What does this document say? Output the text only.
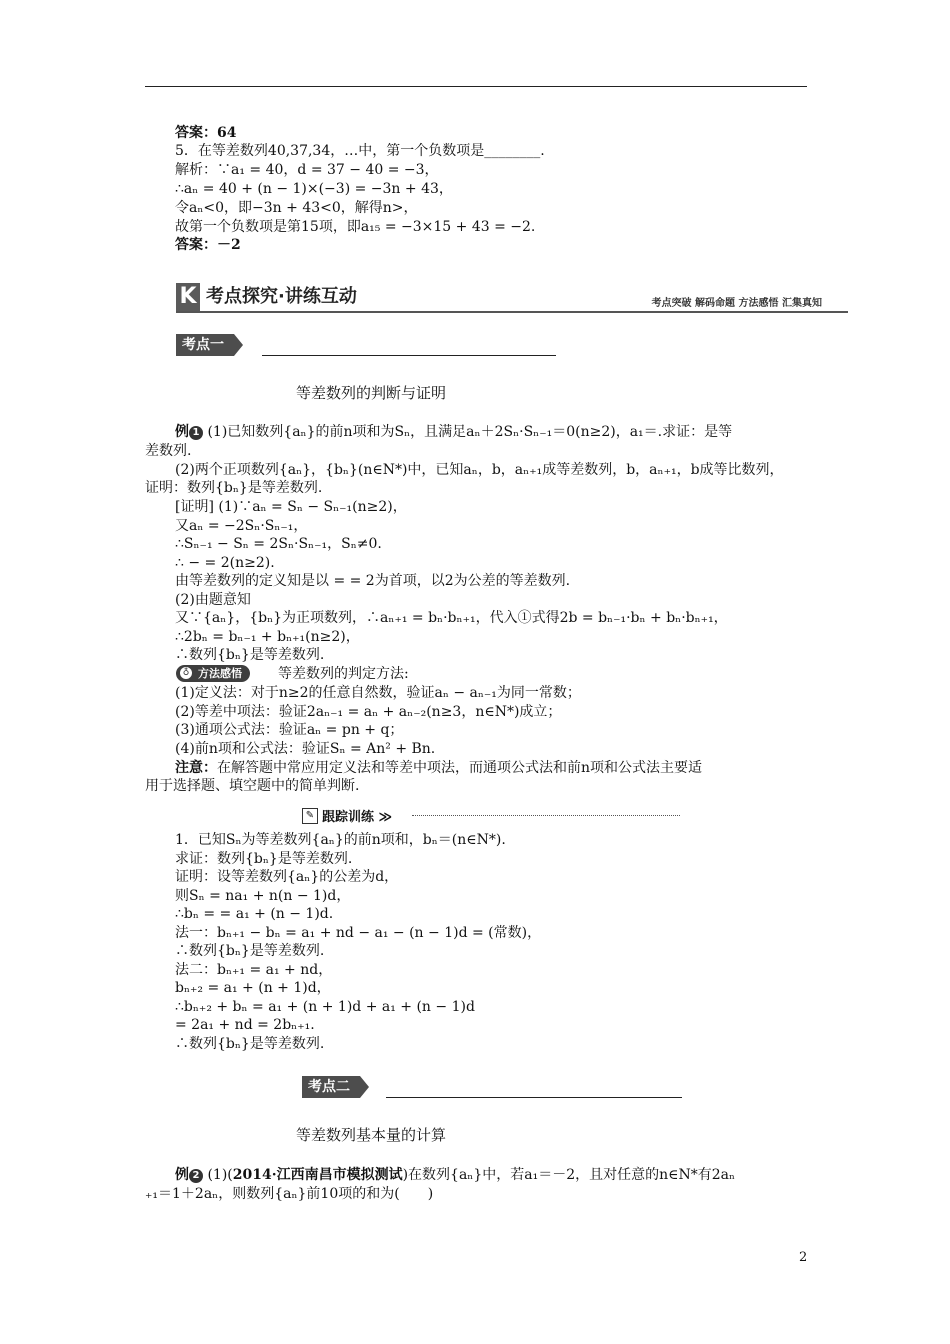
答案：64
5．在等差数列40,37,34，…中，第一个负数项是________.
解析：∵a₁ = 40，d = 37 − 40 = −3，
∴aₙ = 40 + (n − 1)×(−3) = −3n + 43，
令aₙ<0，即−3n + 43<0，解得n>，
故第一个负数项是第15项，即a₁₅ = −3×15 + 43 = −2.
答案：－2
K 考点探究·讲练互动	考点突破 解码命题 方法感悟 汇集真知
考点一
等差数列的判断与证明
例 1 (1)已知数列{aₙ}的前n项和为Sₙ，且满足aₙ＋2Sₙ·Sₙ₋₁＝0(n≥2)，a₁＝.求证：是等
差数列.
(2)两个正项数列{aₙ}，{bₙ}(n∈N*)中，已知aₙ，b，aₙ₊₁成等差数列，b，aₙ₊₁，b成等比数列，
证明：数列{bₙ}是等差数列.
[证明] (1)∵aₙ = Sₙ − Sₙ₋₁(n≥2)，
又aₙ = −2Sₙ·Sₙ₋₁，
∴Sₙ₋₁ − Sₙ = 2Sₙ·Sₙ₋₁，Sₙ≠0.
∴ − = 2(n≥2).
由等差数列的定义知是以 = = 2为首项，以2为公差的等差数列.
(2)由题意知
又∵{aₙ}，{bₙ}为正项数列，∴aₙ₊₁ = bₙ·bₙ₊₁，代入①式得2b = bₙ₋₁·bₙ + bₙ·bₙ₊₁，
∴2bₙ = bₙ₋₁ + bₙ₊₁(n≥2)，
∴数列{bₙ}是等差数列.
♁ 方法感悟	等差数列的判定方法:
(1)定义法：对于n≥2的任意自然数，验证aₙ − aₙ₋₁为同一常数；
(2)等差中项法：验证2aₙ₋₁ = aₙ + aₙ₋₂(n≥3，n∈N*)成立；
(3)通项公式法：验证aₙ = pn + q；
(4)前n项和公式法：验证Sₙ = An² + Bn.
注意：在解答题中常应用定义法和等差中项法，而通项公式法和前n项和公式法主要适
用于选择题、填空题中的简单判断.
✎ 跟踪训练 ≫
1．已知Sₙ为等差数列{aₙ}的前n项和，bₙ＝(n∈N*).
求证：数列{bₙ}是等差数列.
证明：设等差数列{aₙ}的公差为d，
则Sₙ = na₁ + n(n − 1)d，
∴bₙ = = a₁ + (n − 1)d.
法一：bₙ₊₁ − bₙ = a₁ + nd − a₁ − (n − 1)d = (常数)，
∴数列{bₙ}是等差数列.
法二：bₙ₊₁ = a₁ + nd，
bₙ₊₂ = a₁ + (n + 1)d，
∴bₙ₊₂ + bₙ = a₁ + (n + 1)d + a₁ + (n − 1)d
= 2a₁ + nd = 2bₙ₊₁.
∴数列{bₙ}是等差数列.
考点二
等差数列基本量的计算
例 2 (1)(2014·江西南昌市模拟测试)在数列{aₙ}中，若a₁＝－2，且对任意的n∈N*有2aₙ
₊₁＝1＋2aₙ，则数列{aₙ}前10项的和为(　　)
2
